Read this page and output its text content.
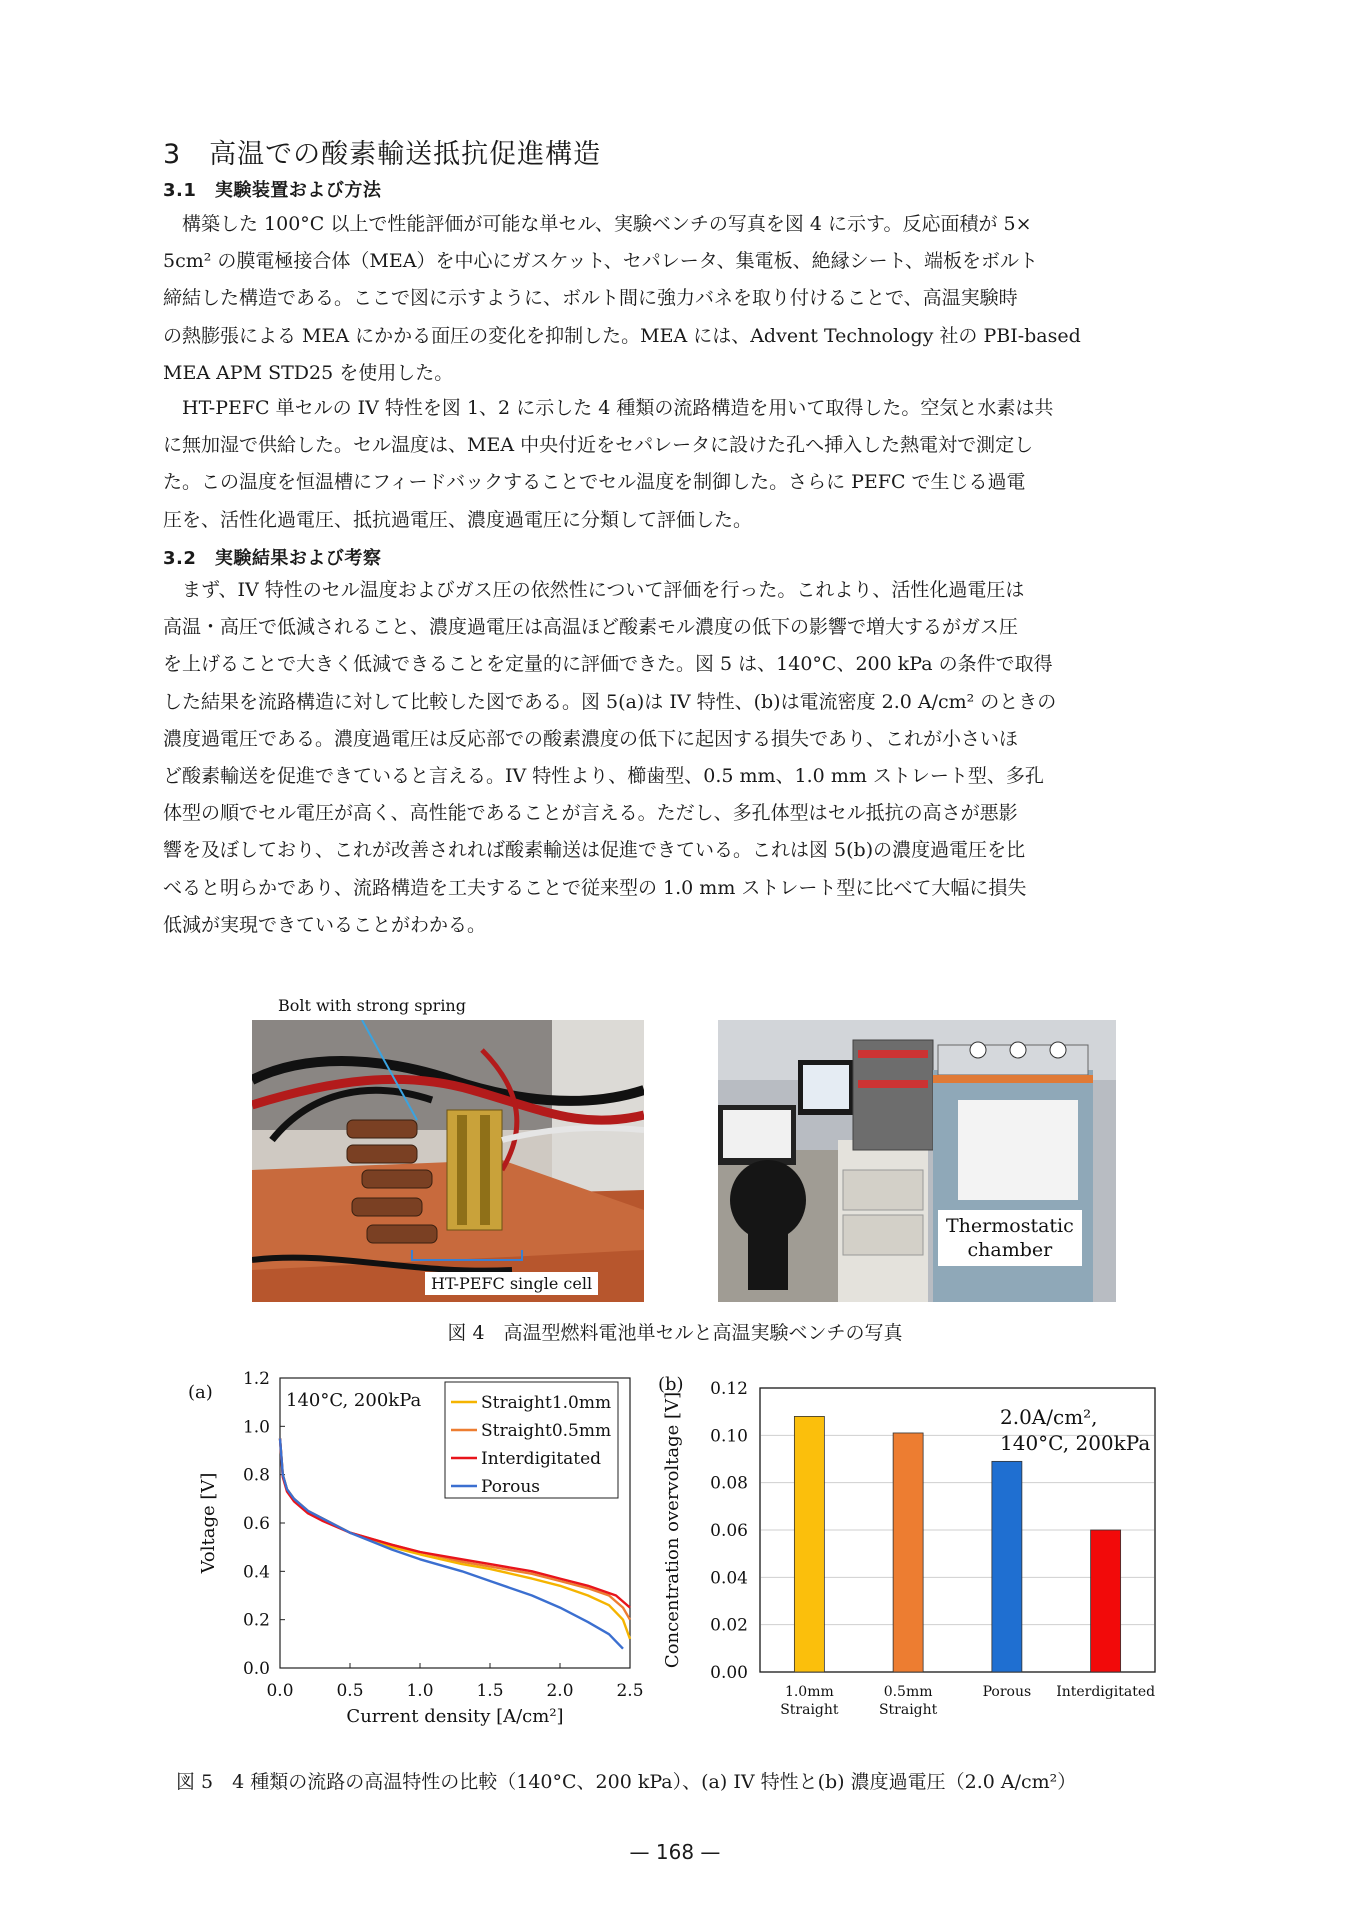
3　高温での酸素輸送抵抗促進構造
3.1　実験装置および方法
構築した 100°C 以上で性能評価が可能な単セル、実験ベンチの写真を図 4 に示す。反応面積が 5×
5cm² の膜電極接合体（MEA）を中心にガスケット、セパレータ、集電板、絶縁シート、端板をボルト
締結した構造である。ここで図に示すように、ボルト間に強力バネを取り付けることで、高温実験時
の熱膨張による MEA にかかる面圧の変化を抑制した。MEA には、Advent Technology 社の PBI-based
MEA APM STD25 を使用した。
HT-PEFC 単セルの IV 特性を図 1、2 に示した 4 種類の流路構造を用いて取得した。空気と水素は共
に無加湿で供給した。セル温度は、MEA 中央付近をセパレータに設けた孔へ挿入した熱電対で測定し
た。この温度を恒温槽にフィードバックすることでセル温度を制御した。さらに PEFC で生じる過電
圧を、活性化過電圧、抵抗過電圧、濃度過電圧に分類して評価した。
3.2　実験結果および考察
まず、IV 特性のセル温度およびガス圧の依然性について評価を行った。これより、活性化過電圧は
高温・高圧で低減されること、濃度過電圧は高温ほど酸素モル濃度の低下の影響で増大するがガス圧
を上げることで大きく低減できることを定量的に評価できた。図 5 は、140°C、200 kPa の条件で取得
した結果を流路構造に対して比較した図である。図 5(a)は IV 特性、(b)は電流密度 2.0 A/cm² のときの
濃度過電圧である。濃度過電圧は反応部での酸素濃度の低下に起因する損失であり、これが小さいほ
ど酸素輸送を促進できていると言える。IV 特性より、櫛歯型、0.5 mm、1.0 mm ストレート型、多孔
体型の順でセル電圧が高く、高性能であることが言える。ただし、多孔体型はセル抵抗の高さが悪影
響を及ぼしており、これが改善されれば酸素輸送は促進できている。これは図 5(b)の濃度過電圧を比
べると明らかであり、流路構造を工夫することで従来型の 1.0 mm ストレート型に比べて大幅に損失
低減が実現できていることがわかる。
Bolt with strong spring
HT-PEFC single cell
Thermostatic
chamber
図 4　高温型燃料電池単セルと高温実験ベンチの写真
(a)
0.0
0.2
0.4
0.6
0.8
1.0
1.2
0.0	0.5	1.0	1.5	2.0	2.5
Current density [A/cm²]
Voltage [V]
140°C, 200kPa	Straight1.0mm
Straight0.5mm
Interdigitated
Porous
(b)
0.00
0.02
0.04
0.06
0.08
0.10
0.12
Concentration overvoltage [V]
1.0mm
Straight
0.5mm
Straight
Porous Interdigitated
2.0A/cm²,
140°C, 200kPa
図 5　4 種類の流路の高温特性の比較（140°C、200 kPa）、(a) IV 特性と(b) 濃度過電圧（2.0 A/cm²）
— 168 —
